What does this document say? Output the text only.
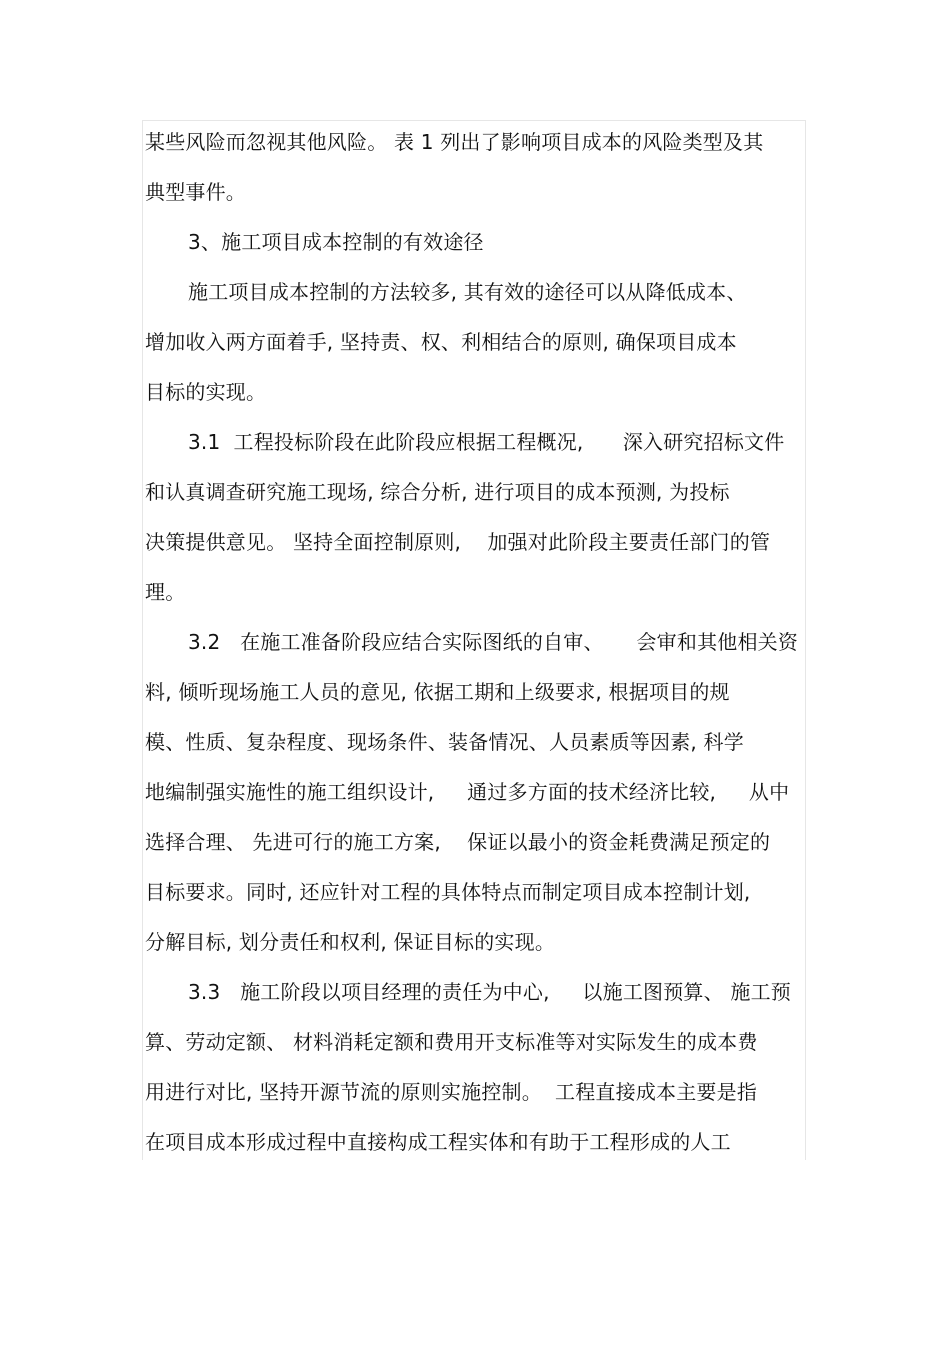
某些风险而忽视其他风险。 表 1 列出了影响项目成本的风险类型及其
典型事件。
3、施工项目成本控制的有效途径
施工项目成本控制的方法较多, 其有效的途径可以从降低成本、
增加收入两方面着手, 坚持责、权、利相结合的原则, 确保项目成本
目标的实现。
3.1  工程投标阶段在此阶段应根据工程概况,      深入研究招标文件
和认真调查研究施工现场, 综合分析, 进行项目的成本预测, 为投标
决策提供意见。 坚持全面控制原则,    加强对此阶段主要责任部门的管
理。
3.2   在施工准备阶段应结合实际图纸的自审、     会审和其他相关资
料, 倾听现场施工人员的意见, 依据工期和上级要求, 根据项目的规
模、性质、复杂程度、现场条件、装备情况、人员素质等因素, 科学
地编制强实施性的施工组织设计,     通过多方面的技术经济比较,     从中
选择合理、 先进可行的施工方案,    保证以最小的资金耗费满足预定的
目标要求。同时, 还应针对工程的具体特点而制定项目成本控制计划,
分解目标, 划分责任和权利, 保证目标的实现。
3.3   施工阶段以项目经理的责任为中心,     以施工图预算、 施工预
算、劳动定额、 材料消耗定额和费用开支标准等对实际发生的成本费
用进行对比, 坚持开源节流的原则实施控制。  工程直接成本主要是指
在项目成本形成过程中直接构成工程实体和有助于工程形成的人工
